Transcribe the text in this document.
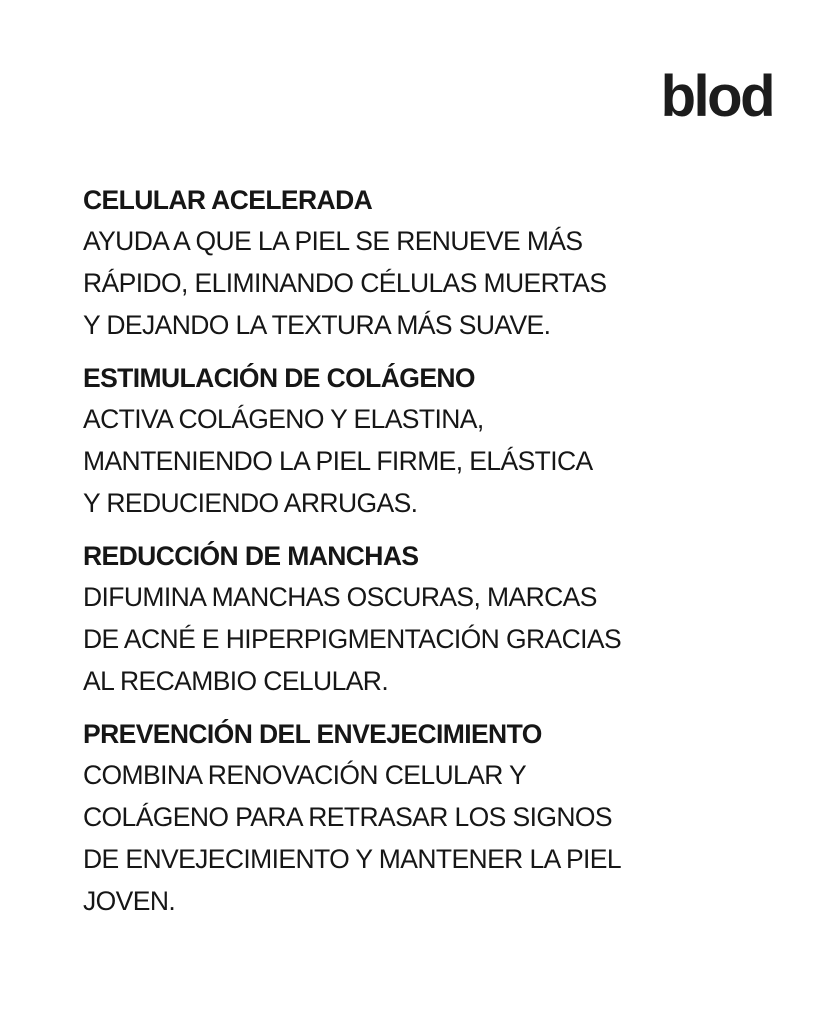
blod
CELULAR ACELERADA

AYUDA A QUE LA PIEL SE RENUEVE MÁS
RÁPIDO, ELIMINANDO CÉLULAS MUERTAS
Y DEJANDO LA TEXTURA MÁS SUAVE.

ESTIMULACIÓN DE COLÁGENO

ACTIVA COLÁGENO Y ELASTINA,
MANTENIENDO LA PIEL FIRME, ELÁSTICA
Y REDUCIENDO ARRUGAS.

REDUCCIÓN DE MANCHAS

DIFUMINA MANCHAS OSCURAS, MARCAS
DE ACNÉ E HIPERPIGMENTACIÓN GRACIAS
AL RECAMBIO CELULAR.

PREVENCIÓN DEL ENVEJECIMIENTO

COMBINA RENOVACIÓN CELULAR Y
COLÁGENO PARA RETRASAR LOS SIGNOS
DE ENVEJECIMIENTO Y MANTENER LA PIEL
JOVEN.
